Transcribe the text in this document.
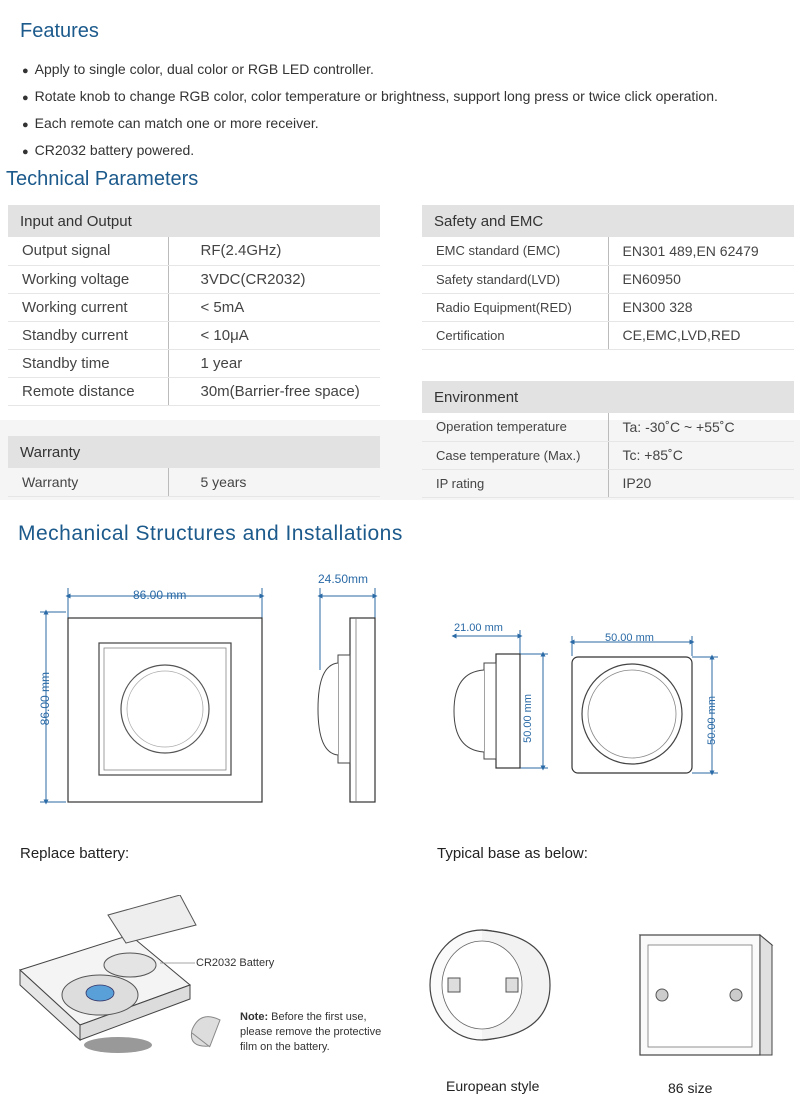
Features
● Apply to single color, dual color or RGB LED controller.
● Rotate knob to change RGB color, color temperature or brightness, support long press or twice click operation.
● Each remote can match one or more receiver.
● CR2032 battery powered.
Technical Parameters
Input and Output	
Output signal	RF(2.4GHz)
Working voltage	3VDC(CR2032)
Working current	< 5mA
Standby current	< 10μA
Standby time	1 year
Remote distance	30m(Barrier-free space)
Warranty
Warranty	5 years
Safety and EMC	
EMC standard (EMC)	EN301 489,EN 62479
Safety standard(LVD)	EN60950
Radio Equipment(RED)	EN300 328
Certification	CE,EMC,LVD,RED
Environment	
Operation temperature	Ta: -30˚C ~ +55˚C
Case temperature (Max.)	Tc: +85˚C
IP rating	IP20
Mechanical Structures and Installations
86.00 mm
86.00 mm
24.50mm
21.00 mm
50.00 mm
50.00 mm
50.00 mm
Replace battery:
CR2032 Battery
Note: Before the first use, please remove the protective film on the battery.
Typical base as below:
European style	86 size
